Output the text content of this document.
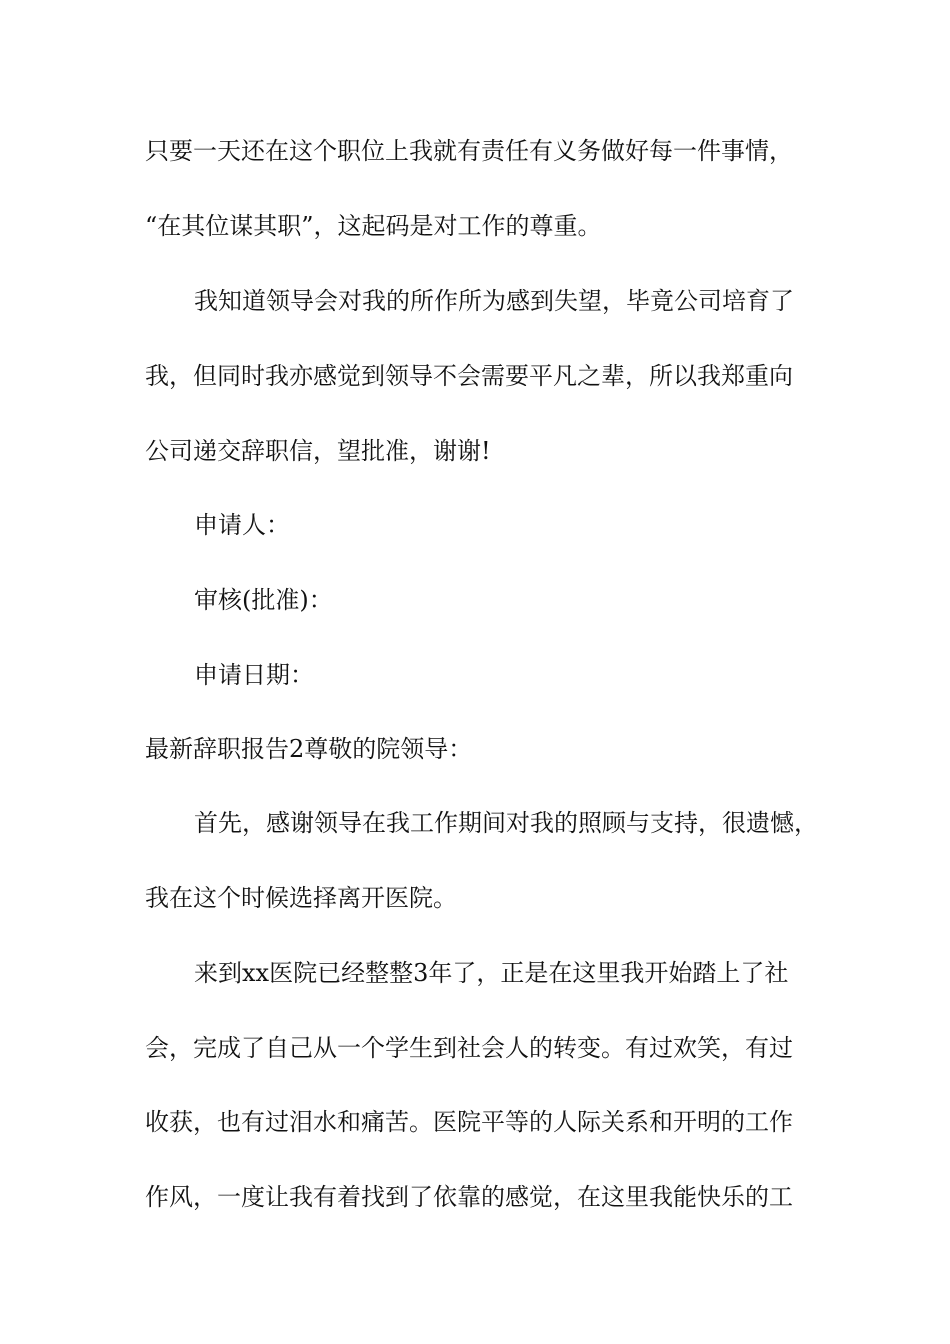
只要一天还在这个职位上我就有责任有义务做好每一件事情，
“在其位谋其职”，这起码是对工作的尊重。
我知道领导会对我的所作所为感到失望，毕竟公司培育了
我，但同时我亦感觉到领导不会需要平凡之辈，所以我郑重向
公司递交辞职信，望批准，谢谢!
申请人：
审核(批准)：
申请日期：
最新辞职报告2尊敬的院领导：
首先，感谢领导在我工作期间对我的照顾与支持，很遗憾，
我在这个时候选择离开医院。
来到xx医院已经整整3年了，正是在这里我开始踏上了社
会，完成了自己从一个学生到社会人的转变。有过欢笑，有过
收获，也有过泪水和痛苦。医院平等的人际关系和开明的工作
作风，一度让我有着找到了依靠的感觉，在这里我能快乐的工
